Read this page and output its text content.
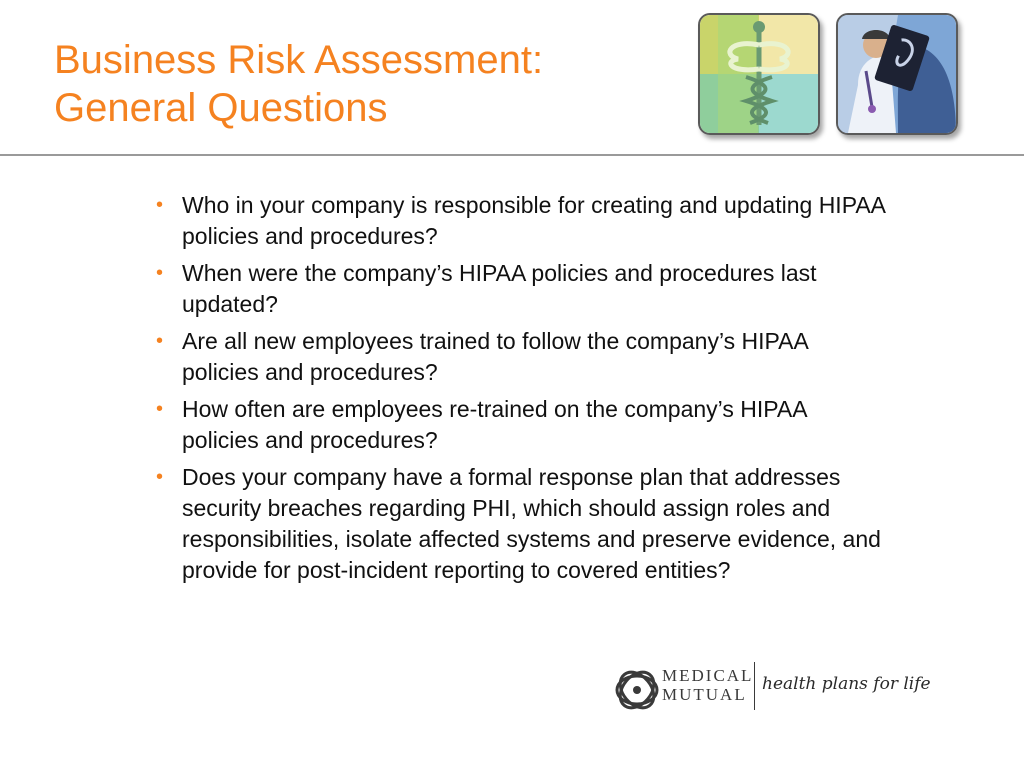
Business Risk Assessment:
General Questions
• Who in your company is responsible for creating and updating HIPAA policies and procedures?
• When were the company’s HIPAA policies and procedures last updated?
• Are all new employees trained to follow the company’s HIPAA policies and procedures?
• How often are employees re-trained on the company’s HIPAA policies and procedures?
• Does your company have a formal response plan that addresses security breaches regarding PHI, which should assign roles and responsibilities, isolate affected systems and preserve evidence, and provide for post-incident reporting to covered entities?
MEDICAL
MUTUAL
health plans for life
